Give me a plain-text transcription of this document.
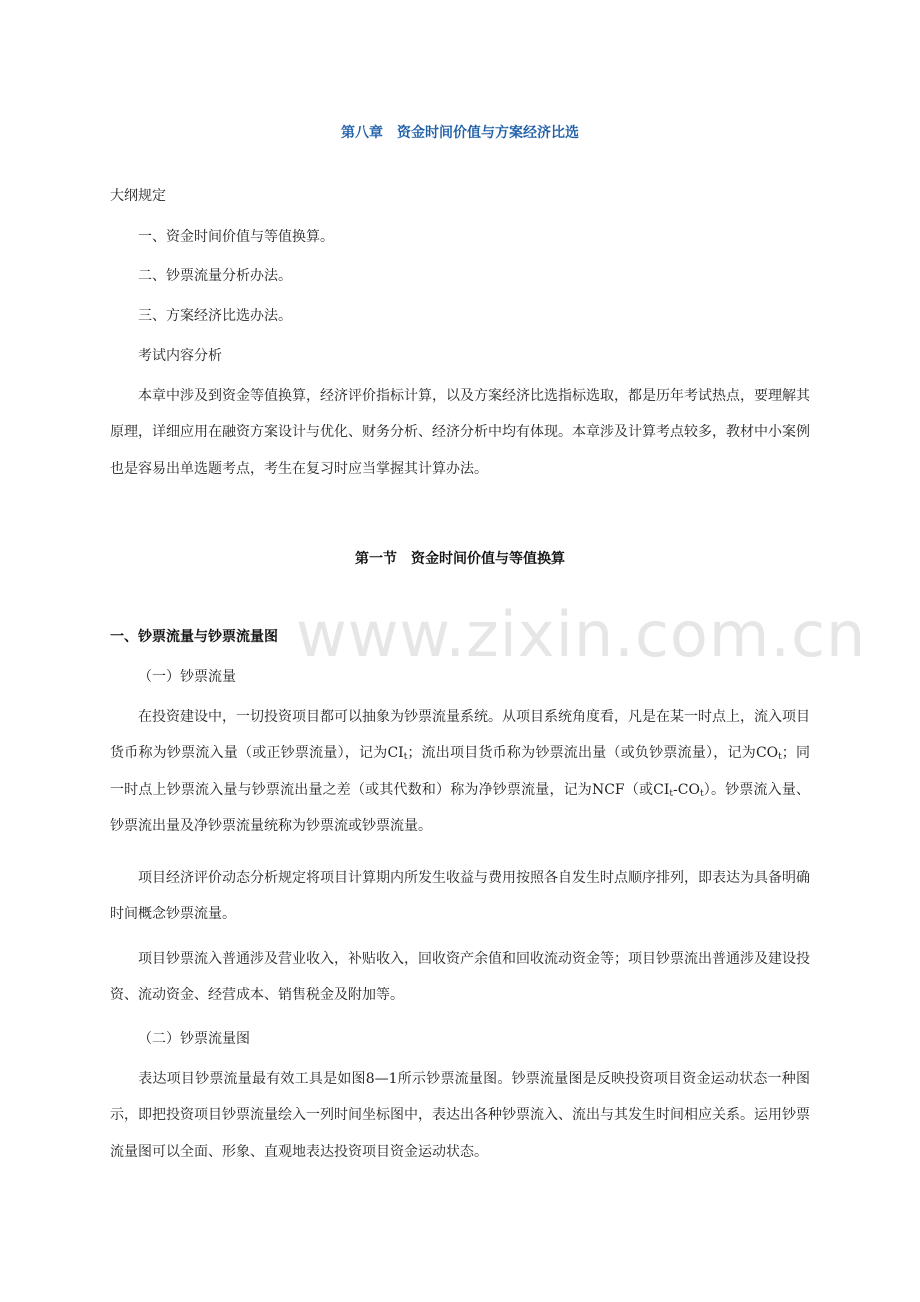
www.zixin.com.cn
第八章　资金时间价值与方案经济比选
大纲规定
一、资金时间价值与等值换算。
二、钞票流量分析办法。
三、方案经济比选办法。
考试内容分析
本章中涉及到资金等值换算，经济评价指标计算，以及方案经济比选指标选取，都是历年考试热点，要理解其原理，详细应用在融资方案设计与优化、财务分析、经济分析中均有体现。本章涉及计算考点较多，教材中小案例也是容易出单选题考点，考生在复习时应当掌握其计算办法。
第一节　资金时间价值与等值换算
一、钞票流量与钞票流量图
（一）钞票流量
在投资建设中，一切投资项目都可以抽象为钞票流量系统。从项目系统角度看，凡是在某一时点上，流入项目货币称为钞票流入量（或正钞票流量），记为$CI_t$；流出项目货币称为钞票流出量（或负钞票流量），记为$CO_t$；同一时点上钞票流入量与钞票流出量之差（或其代数和）称为净钞票流量，记为NCF（或$CI_t-CO_t$）。钞票流入量、钞票流出量及净钞票流量统称为钞票流或钞票流量。
项目经济评价动态分析规定将项目计算期内所发生收益与费用按照各自发生时点顺序排列，即表达为具备明确时间概念钞票流量。
项目钞票流入普通涉及营业收入，补贴收入，回收资产余值和回收流动资金等；项目钞票流出普通涉及建设投资、流动资金、经营成本、销售税金及附加等。
（二）钞票流量图
表达项目钞票流量最有效工具是如图8—1所示钞票流量图。钞票流量图是反映投资项目资金运动状态一种图示，即把投资项目钞票流量绘入一列时间坐标图中，表达出各种钞票流入、流出与其发生时间相应关系。运用钞票流量图可以全面、形象、直观地表达投资项目资金运动状态。
